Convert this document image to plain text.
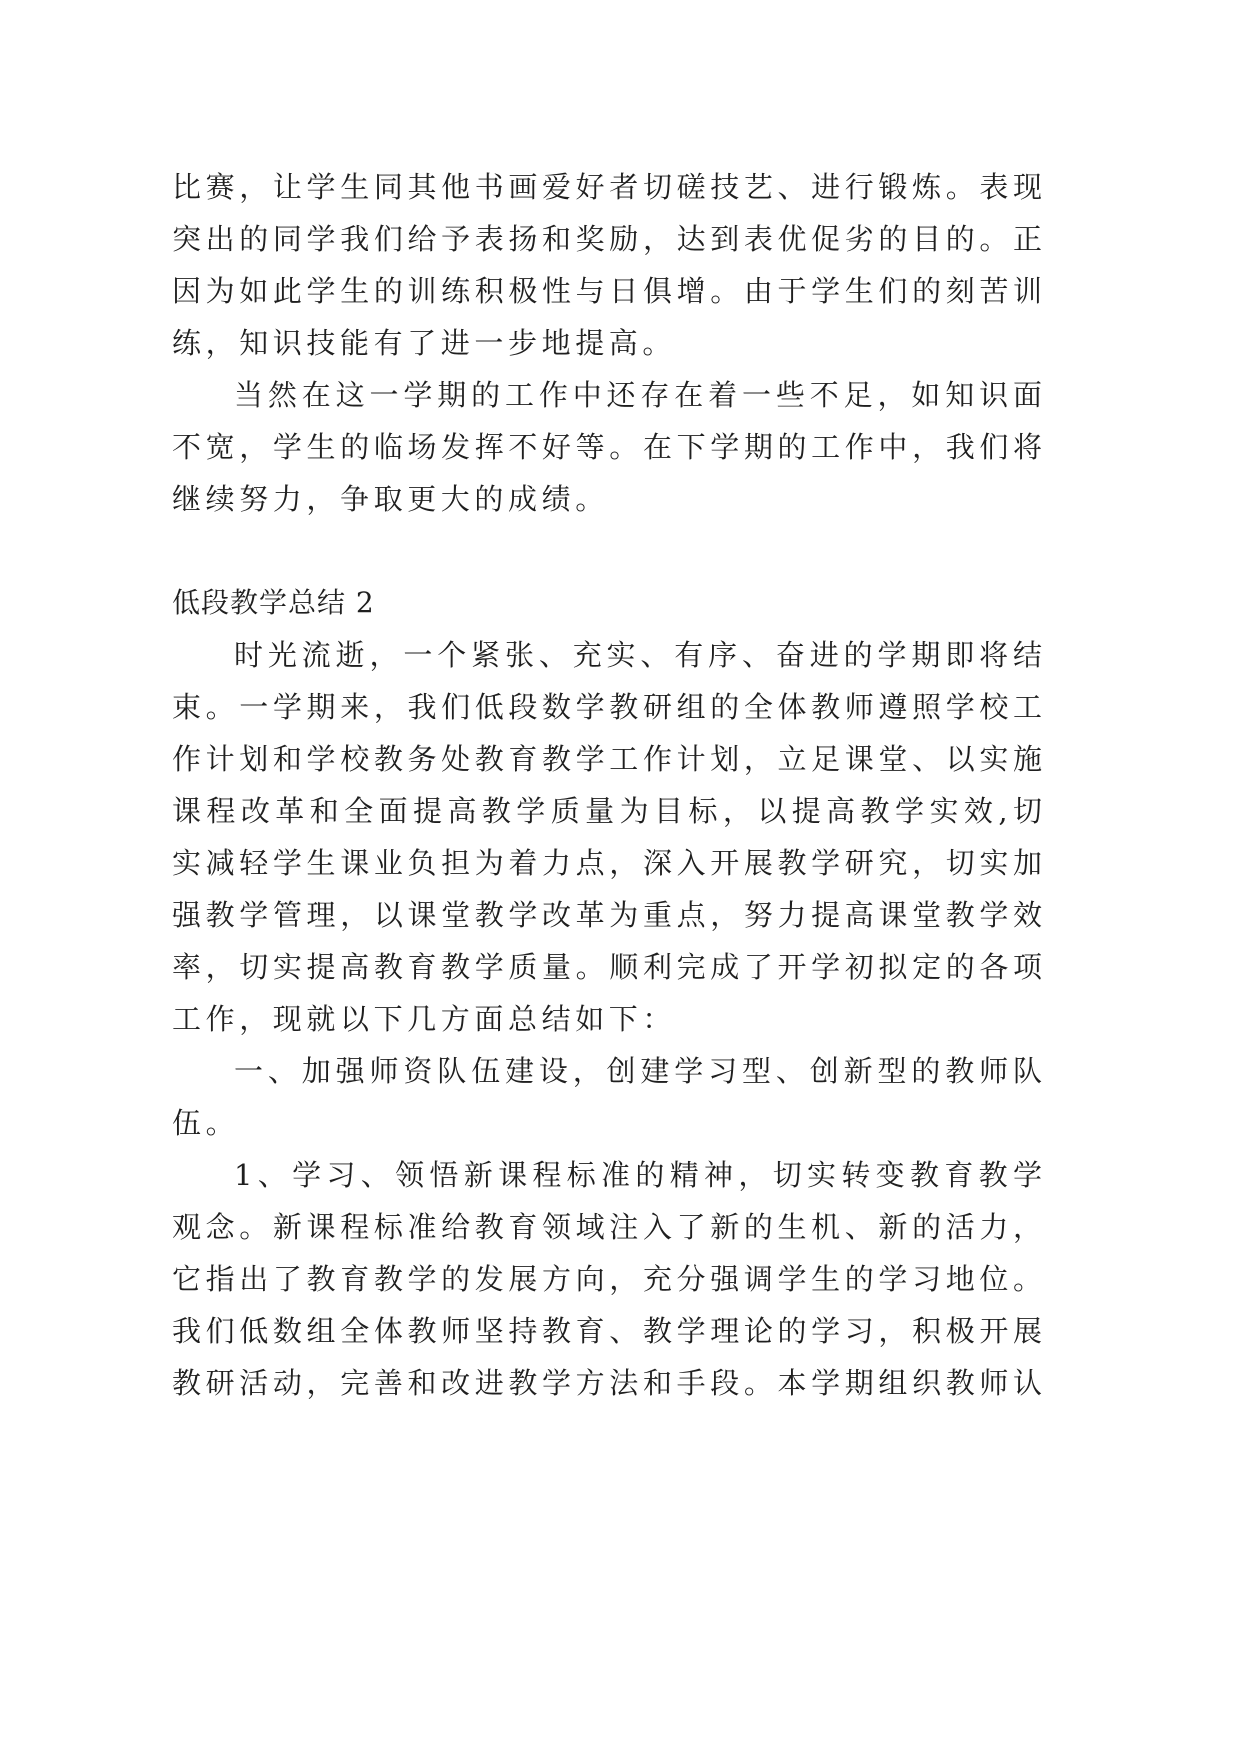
比赛，让学生同其他书画爱好者切磋技艺、进行锻炼。表现
突出的同学我们给予表扬和奖励，达到表优促劣的目的。正
因为如此学生的训练积极性与日俱增。由于学生们的刻苦训
练，知识技能有了进一步地提高。
当然在这一学期的工作中还存在着一些不足，如知识面
不宽，学生的临场发挥不好等。在下学期的工作中，我们将
继续努力，争取更大的成绩。
低段教学总结 2
时光流逝，一个紧张、充实、有序、奋进的学期即将结
束。一学期来，我们低段数学教研组的全体教师遵照学校工
作计划和学校教务处教育教学工作计划，立足课堂、以实施
课程改革和全面提高教学质量为目标，以提高教学实效,切
实减轻学生课业负担为着力点，深入开展教学研究，切实加
强教学管理，以课堂教学改革为重点，努力提高课堂教学效
率，切实提高教育教学质量。顺利完成了开学初拟定的各项
工作，现就以下几方面总结如下：
一、加强师资队伍建设，创建学习型、创新型的教师队
伍。
1、学习、领悟新课程标准的精神，切实转变教育教学
观念。新课程标准给教育领域注入了新的生机、新的活力，
它指出了教育教学的发展方向，充分强调学生的学习地位。
我们低数组全体教师坚持教育、教学理论的学习，积极开展
教研活动，完善和改进教学方法和手段。本学期组织教师认
